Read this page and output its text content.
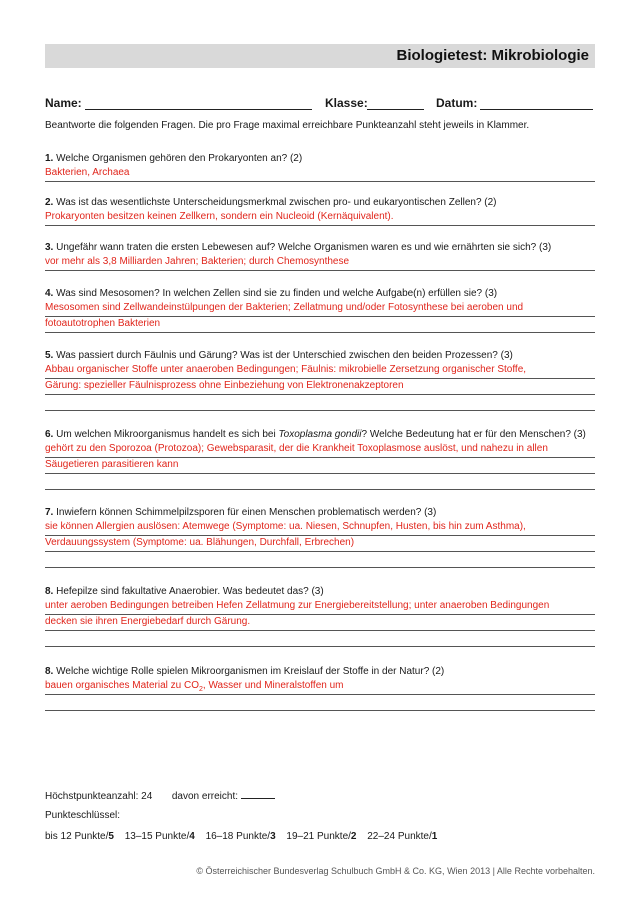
Biologietest: Mikrobiologie
Name:	Klasse:	Datum:
Beantworte die folgenden Fragen. Die pro Frage maximal erreichbare Punkteanzahl steht jeweils in Klammer.
1. Welche Organismen gehören den Prokaryonten an? (2)
Bakterien, Archaea
2. Was ist das wesentlichste Unterscheidungsmerkmal zwischen pro- und eukaryontischen Zellen? (2)
Prokaryonten besitzen keinen Zellkern, sondern ein Nucleoid (Kernäquivalent).
3. Ungefähr wann traten die ersten Lebewesen auf? Welche Organismen waren es und wie ernährten sie sich? (3)
vor mehr als 3,8 Milliarden Jahren; Bakterien; durch Chemosynthese
4. Was sind Mesosomen? In welchen Zellen sind sie zu finden und welche Aufgabe(n) erfüllen sie? (3)
Mesosomen sind Zellwandeinstülpungen der Bakterien; Zellatmung und/oder Fotosynthese bei aeroben und
fotoautotrophen Bakterien
5. Was passiert durch Fäulnis und Gärung? Was ist der Unterschied zwischen den beiden Prozessen? (3)
Abbau organischer Stoffe unter anaeroben Bedingungen; Fäulnis: mikrobielle Zersetzung organischer Stoffe,
Gärung: spezieller Fäulnisprozess ohne Einbeziehung von Elektronenakzeptoren
6. Um welchen Mikroorganismus handelt es sich bei Toxoplasma gondii? Welche Bedeutung hat er für den Menschen? (3)
gehört zu den Sporozoa (Protozoa); Gewebsparasit, der die Krankheit Toxoplasmose auslöst, und nahezu in allen
Säugetieren parasitieren kann
7. Inwiefern können Schimmelpilzsporen für einen Menschen problematisch werden? (3)
sie können Allergien auslösen: Atemwege (Symptome: ua. Niesen, Schnupfen, Husten, bis hin zum Asthma),
Verdauungssystem (Symptome: ua. Blähungen, Durchfall, Erbrechen)
8. Hefepilze sind fakultative Anaerobier. Was bedeutet das? (3)
unter aeroben Bedingungen betreiben Hefen Zellatmung zur Energiebereitstellung; unter anaeroben Bedingungen
decken sie ihren Energiebedarf durch Gärung.
8. Welche wichtige Rolle spielen Mikroorganismen im Kreislauf der Stoffe in der Natur? (2)
bauen organisches Material zu $CO_2$, Wasser und Mineralstoffen um
Höchstpunkteanzahl: 24 davon erreicht:
Punkteschlüssel:
bis 12 Punkte/5 13–15 Punkte/4 16–18 Punkte/3 19–21 Punkte/2 22–24 Punkte/1
© Österreichischer Bundesverlag Schulbuch GmbH & Co. KG, Wien 2013 | Alle Rechte vorbehalten.
